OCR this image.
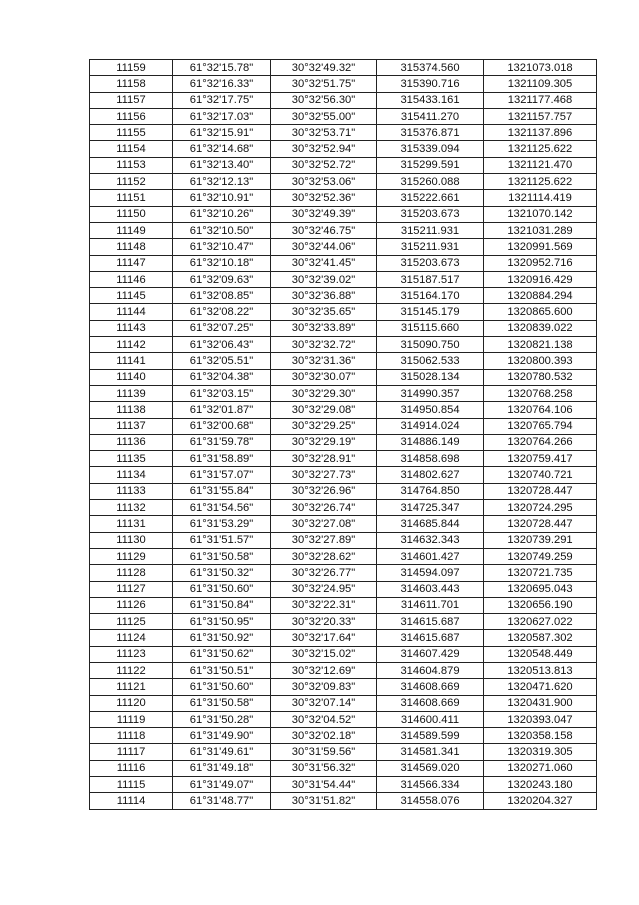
11159	61°32'15.78"	30°32'49.32"	315374.560	1321073.018
11158	61°32'16.33"	30°32'51.75"	315390.716	1321109.305
11157	61°32'17.75"	30°32'56.30"	315433.161	1321177.468
11156	61°32'17.03"	30°32'55.00"	315411.270	1321157.757
11155	61°32'15.91"	30°32'53.71"	315376.871	1321137.896
11154	61°32'14.68"	30°32'52.94"	315339.094	1321125.622
11153	61°32'13.40"	30°32'52.72"	315299.591	1321121.470
11152	61°32'12.13"	30°32'53.06"	315260.088	1321125.622
11151	61°32'10.91"	30°32'52.36"	315222.661	1321114.419
11150	61°32'10.26"	30°32'49.39"	315203.673	1321070.142
11149	61°32'10.50"	30°32'46.75"	315211.931	1321031.289
11148	61°32'10.47"	30°32'44.06"	315211.931	1320991.569
11147	61°32'10.18"	30°32'41.45"	315203.673	1320952.716
11146	61°32'09.63"	30°32'39.02"	315187.517	1320916.429
11145	61°32'08.85"	30°32'36.88"	315164.170	1320884.294
11144	61°32'08.22"	30°32'35.65"	315145.179	1320865.600
11143	61°32'07.25"	30°32'33.89"	315115.660	1320839.022
11142	61°32'06.43"	30°32'32.72"	315090.750	1320821.138
11141	61°32'05.51"	30°32'31.36"	315062.533	1320800.393
11140	61°32'04.38"	30°32'30.07"	315028.134	1320780.532
11139	61°32'03.15"	30°32'29.30"	314990.357	1320768.258
11138	61°32'01.87"	30°32'29.08"	314950.854	1320764.106
11137	61°32'00.68"	30°32'29.25"	314914.024	1320765.794
11136	61°31'59.78"	30°32'29.19"	314886.149	1320764.266
11135	61°31'58.89"	30°32'28.91"	314858.698	1320759.417
11134	61°31'57.07"	30°32'27.73"	314802.627	1320740.721
11133	61°31'55.84"	30°32'26.96"	314764.850	1320728.447
11132	61°31'54.56"	30°32'26.74"	314725.347	1320724.295
11131	61°31'53.29"	30°32'27.08"	314685.844	1320728.447
11130	61°31'51.57"	30°32'27.89"	314632.343	1320739.291
11129	61°31'50.58"	30°32'28.62"	314601.427	1320749.259
11128	61°31'50.32"	30°32'26.77"	314594.097	1320721.735
11127	61°31'50.60"	30°32'24.95"	314603.443	1320695.043
11126	61°31'50.84"	30°32'22.31"	314611.701	1320656.190
11125	61°31'50.95"	30°32'20.33"	314615.687	1320627.022
11124	61°31'50.92"	30°32'17.64"	314615.687	1320587.302
11123	61°31'50.62"	30°32'15.02"	314607.429	1320548.449
11122	61°31'50.51"	30°32'12.69"	314604.879	1320513.813
11121	61°31'50.60"	30°32'09.83"	314608.669	1320471.620
11120	61°31'50.58"	30°32'07.14"	314608.669	1320431.900
11119	61°31'50.28"	30°32'04.52"	314600.411	1320393.047
11118	61°31'49.90"	30°32'02.18"	314589.599	1320358.158
11117	61°31'49.61"	30°31'59.56"	314581.341	1320319.305
11116	61°31'49.18"	30°31'56.32"	314569.020	1320271.060
11115	61°31'49.07"	30°31'54.44"	314566.334	1320243.180
11114	61°31'48.77"	30°31'51.82"	314558.076	1320204.327
